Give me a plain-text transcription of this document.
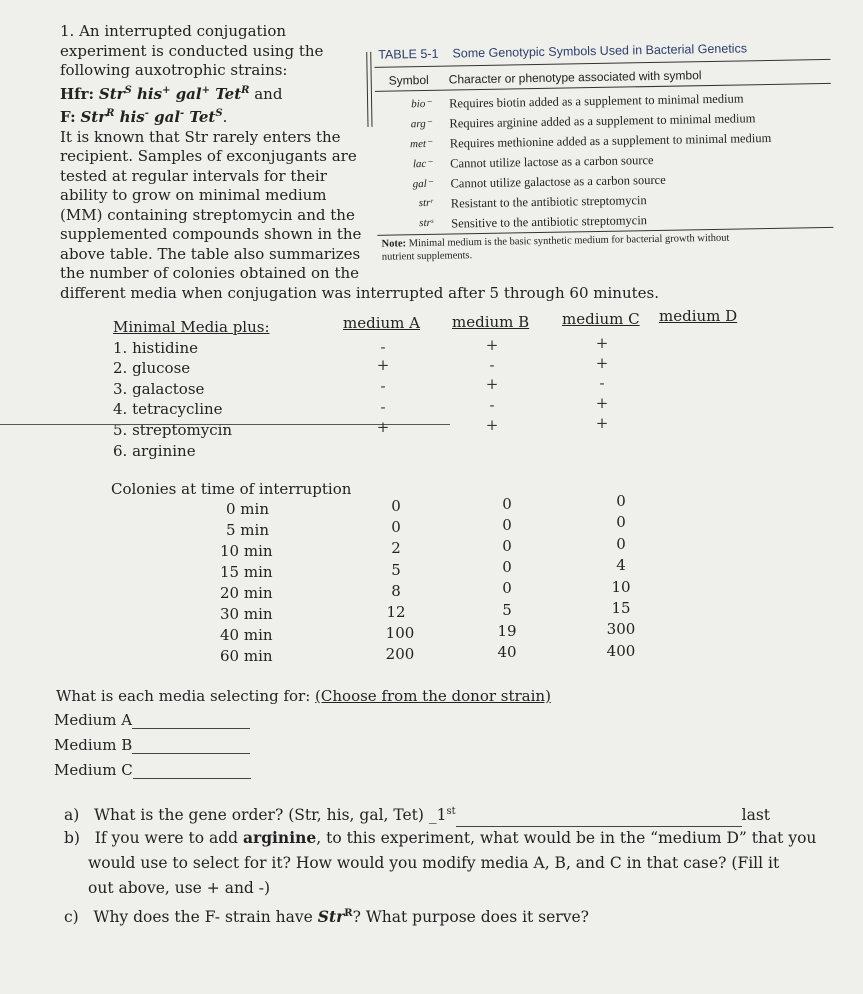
1. An interrupted conjugation
experiment is conducted using the
following auxotrophic strains:
Hfr: Str$^S$ his+ gal+ Tet$^R$ and
F: Str$^R$ his- gal- Tet$^S$.
It is known that Str rarely enters the
recipient. Samples of exconjugants are
tested at regular intervals for their
ability to grow on minimal medium
(MM) containing streptomycin and the
supplemented compounds shown in the
above table. The table also summarizes
the number of colonies obtained on the
different media when conjugation was interrupted after 5 through 60 minutes.
TABLE 5-1 Some Genotypic Symbols Used in Bacterial Genetics
Symbol Character or phenotype associated with symbol
bio⁻ Requires biotin added as a supplement to minimal medium
arg⁻ Requires arginine added as a supplement to minimal medium
met⁻ Requires methionine added as a supplement to minimal medium
lac⁻ Cannot utilize lactose as a carbon source
gal⁻ Cannot utilize galactose as a carbon source
strʳ Resistant to the antibiotic streptomycin
strˢ Sensitive to the antibiotic streptomycin
Note: Minimal medium is the basic synthetic medium for bacterial growth without
nutrient supplements.
Minimal Media plus:	medium A medium B medium C medium D
1. histidine
2. glucose
3. galactose
4. tetracycline
5. streptomycin
6. arginine
-
+
-
-
+
+
-
+
-
+
+
+
-
+
+
Colonies at time of interruption
0 min
5 min
10 min
15 min
20 min
30 min
40 min
60 min
0
0
2
5
8
12
100
200
0
0
0
0
0
5
19
40
0
0
0
4
10
15
300
400
What is each media selecting for: (Choose from the donor strain)
Medium A
Medium B
Medium C
a) What is the gene order? (Str, his, gal, Tet) _1st	last
b) If you were to add arginine, to this experiment, what would be in the “medium D” that you
would use to select for it? How would you modify media A, B, and C in that case? (Fill it
out above, use + and -)
c) Why does the F- strain have Str$^R$? What purpose does it serve?
